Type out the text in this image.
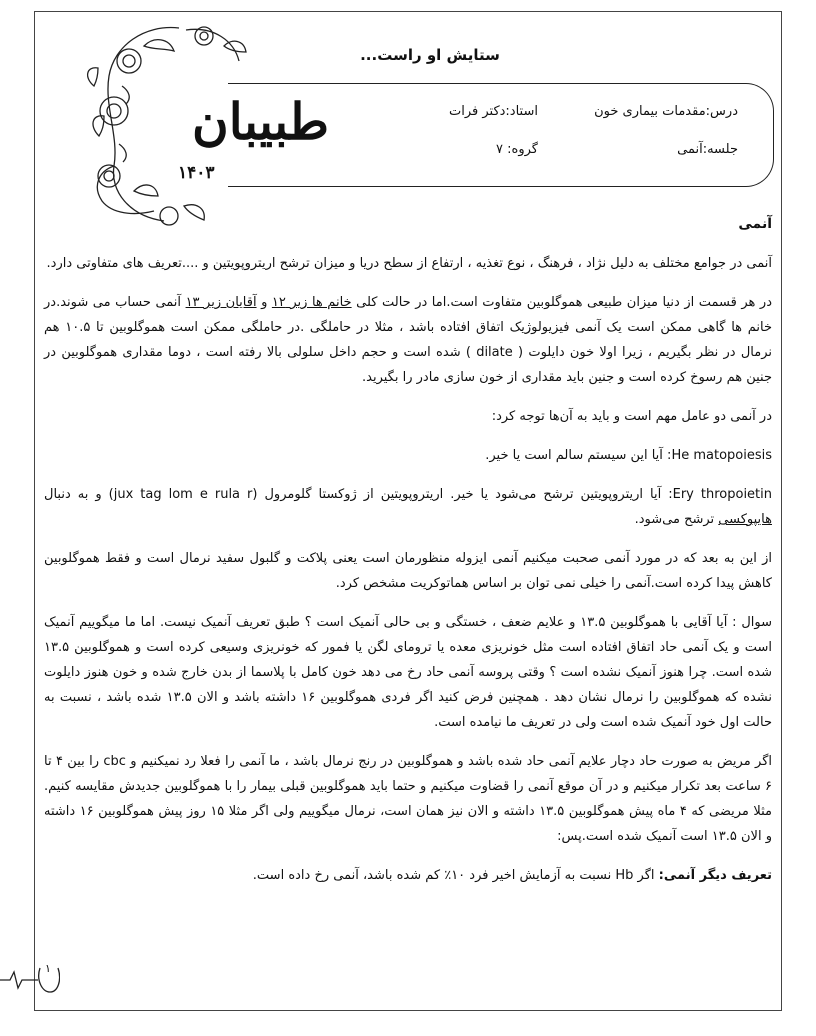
ستایش او راست...
طبیبان
۱۴۰۳
درس:مقدمات بیماری خون
استاد:دکتر فرات
جلسه:آنمی
گروه: ۷

آنمی

آنمی در جوامع مختلف به دلیل نژاد ، فرهنگ ، نوع تغذیه ، ارتفاع از سطح دریا و میزان ترشح اریتروپویتین و ....تعریف های متفاوتی دارد.

در هر قسمت از دنیا میزان طبیعی هموگلوبین متفاوت است.اما در حالت کلی خانم ها زیر ۱۲ و آقایان زیر ۱۳ آنمی حساب می شوند.در خانم ها گاهی ممکن است یک آنمی فیزیولوژیک اتفاق افتاده باشد ، مثلا در حاملگی .در حاملگی ممکن است هموگلوبین تا ۱۰.۵ هم نرمال در نظر بگیریم ، زیرا اولا خون دایلوت ( dilate ) شده است و حجم داخل سلولی بالا رفته است ، دوما مقداری هموگلوبین در جنین هم رسوخ کرده است و جنین باید مقداری از خون سازی مادر را بگیرید.

در آنمی دو عامل مهم است و باید به آن‌ها توجه کرد:

He matopoiesis: آیا این سیستم سالم است یا خیر.

Ery thropoietin: آیا اریتروپویتین ترشح می‌شود یا خیر. اریتروپویتین از ژوکستا گلومرول (jux tag lom e rula r) و به دنبال هایپوکسی ترشح می‌شود.

از این به بعد که در مورد آنمی صحبت میکنیم آنمی ایزوله منظورمان است یعنی پلاکت و گلبول سفید نرمال است و فقط هموگلوبین کاهش پیدا کرده است.آنمی را خیلی نمی توان بر اساس هماتوکریت مشخص کرد.

سوال : آیا آقایی با هموگلوبین ۱۳.۵ و علایم ضعف ، خستگی و بی حالی آنمیک است ؟ طبق تعریف آنمیک نیست. اما ما میگوییم آنمیک است و یک آنمی حاد اتفاق افتاده است مثل خونریزی معده یا ترومای لگن یا فمور که خونریزی وسیعی کرده است و هموگلوبین ۱۳.۵ شده است. چرا هنوز آنمیک نشده است ؟ وقتی پروسه آنمی حاد رخ می دهد خون کامل با پلاسما از بدن خارج شده و خون هنوز دایلوت نشده که هموگلوبین را نرمال نشان دهد . همچنین فرض کنید اگر فردی هموگلوبین ۱۶ داشته باشد و الان ۱۳.۵ شده باشد ، نسبت به حالت اول خود آنمیک شده است ولی در تعریف ما نیامده است.

اگر مریض به صورت حاد دچار علایم آنمی حاد شده باشد و هموگلوبین در رنج نرمال باشد ، ما آنمی را فعلا رد نمیکنیم و cbc را بین ۴ تا ۶ ساعت بعد تکرار میکنیم و در آن موقع آنمی را قضاوت میکنیم و حتما باید هموگلوبین قبلی بیمار را با هموگلوبین جدیدش مقایسه کنیم. مثلا مریضی که ۴ ماه پیش هموگلوبین ۱۳.۵ داشته و الان نیز همان است، نرمال میگوییم ولی اگر مثلا ۱۵ روز پیش هموگلوبین ۱۶ داشته و الان ۱۳.۵ است آنمیک شده است.پس:

تعریف دیگر آنمی: اگر Hb نسبت به آزمایش اخیر فرد ۱۰٪ کم شده باشد، آنمی رخ داده است.

۱
